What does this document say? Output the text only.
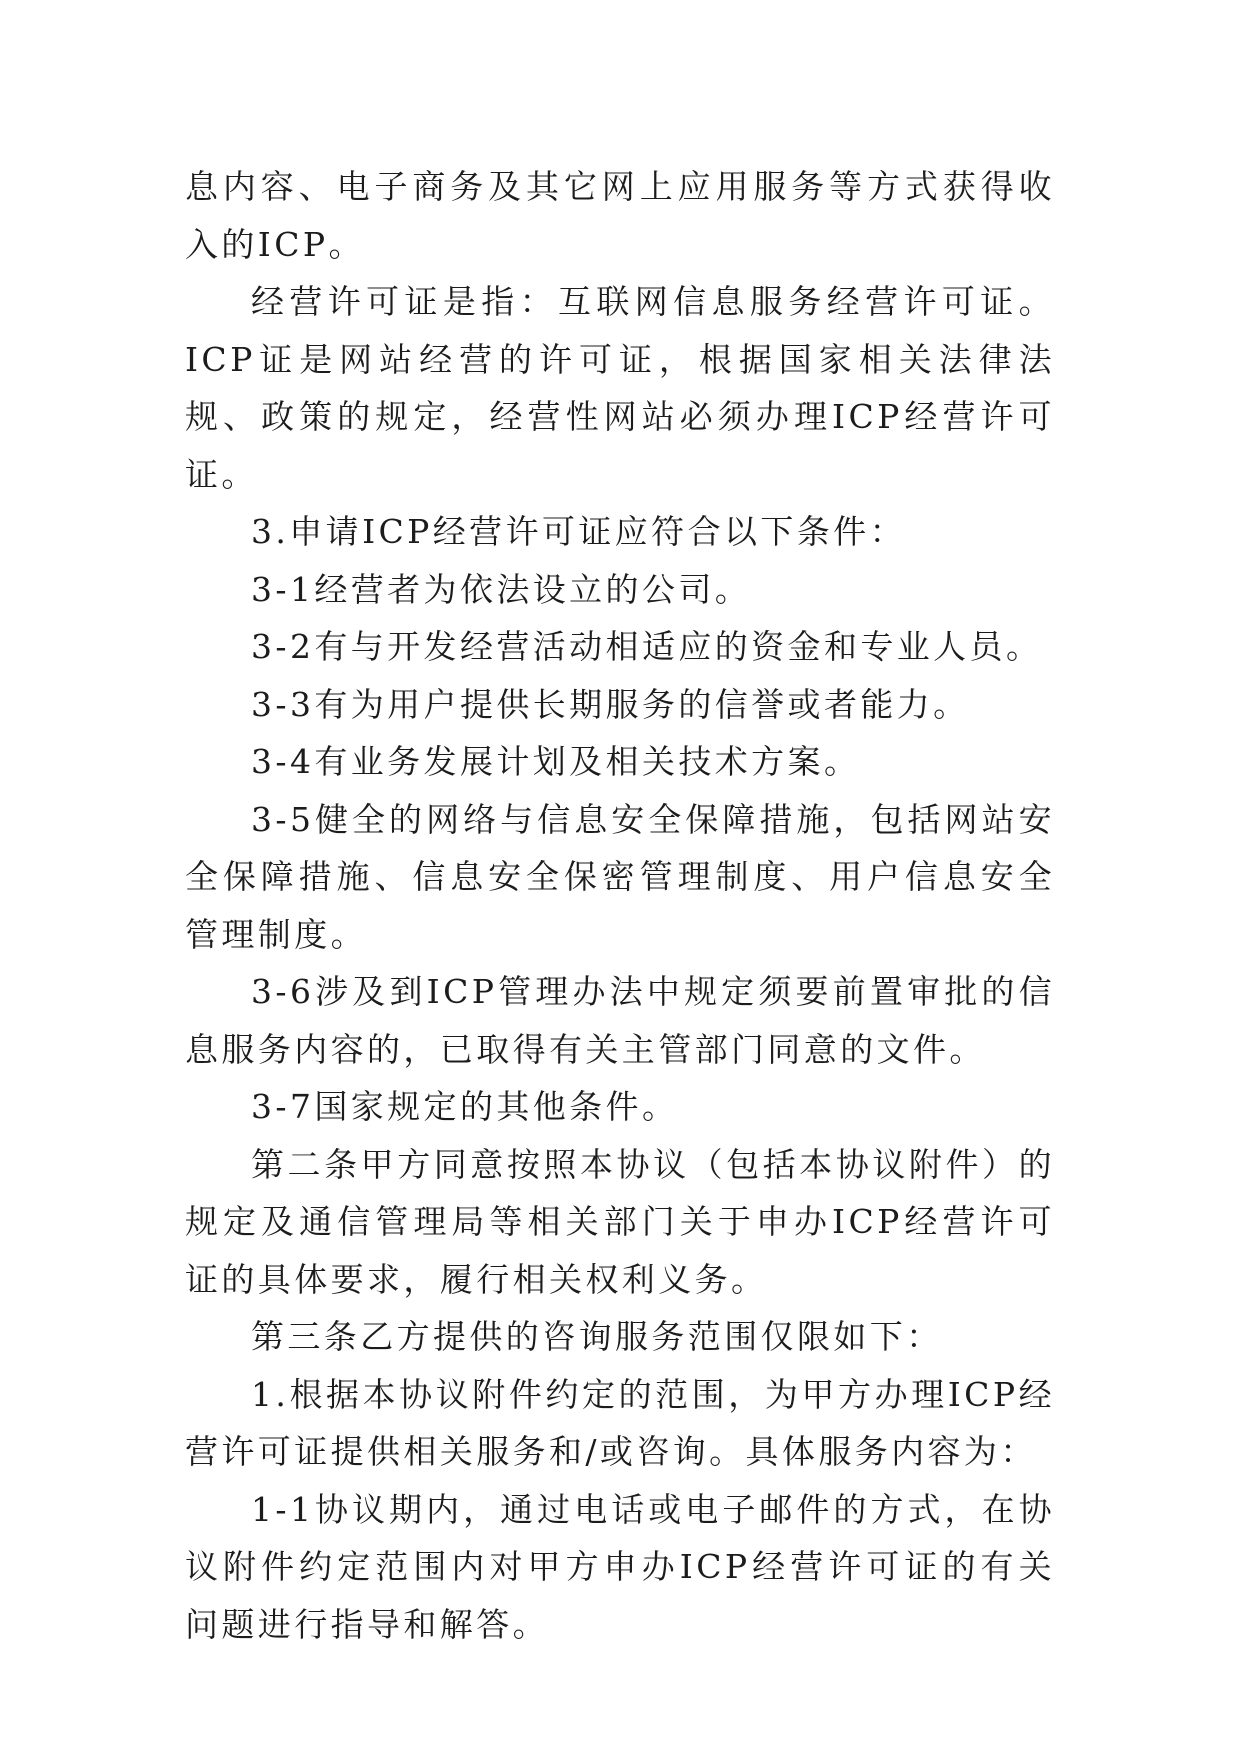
息内容、电子商务及其它网上应用服务等方式获得收入的ICP。

经营许可证是指：互联网信息服务经营许可证。ICP证是网站经营的许可证，根据国家相关法律法规、政策的规定，经营性网站必须办理ICP经营许可证。

3.申请ICP经营许可证应符合以下条件：

3-1经营者为依法设立的公司。

3-2有与开发经营活动相适应的资金和专业人员。

3-3有为用户提供长期服务的信誉或者能力。

3-4有业务发展计划及相关技术方案。

3-5健全的网络与信息安全保障措施，包括网站安全保障措施、信息安全保密管理制度、用户信息安全管理制度。

3-6涉及到ICP管理办法中规定须要前置审批的信息服务内容的，已取得有关主管部门同意的文件。

3-7国家规定的其他条件。

第二条甲方同意按照本协议（包括本协议附件）的规定及通信管理局等相关部门关于申办ICP经营许可证的具体要求，履行相关权利义务。

第三条乙方提供的咨询服务范围仅限如下：

1.根据本协议附件约定的范围，为甲方办理ICP经营许可证提供相关服务和/或咨询。具体服务内容为：

1-1协议期内，通过电话或电子邮件的方式，在协议附件约定范围内对甲方申办ICP经营许可证的有关问题进行指导和解答。
